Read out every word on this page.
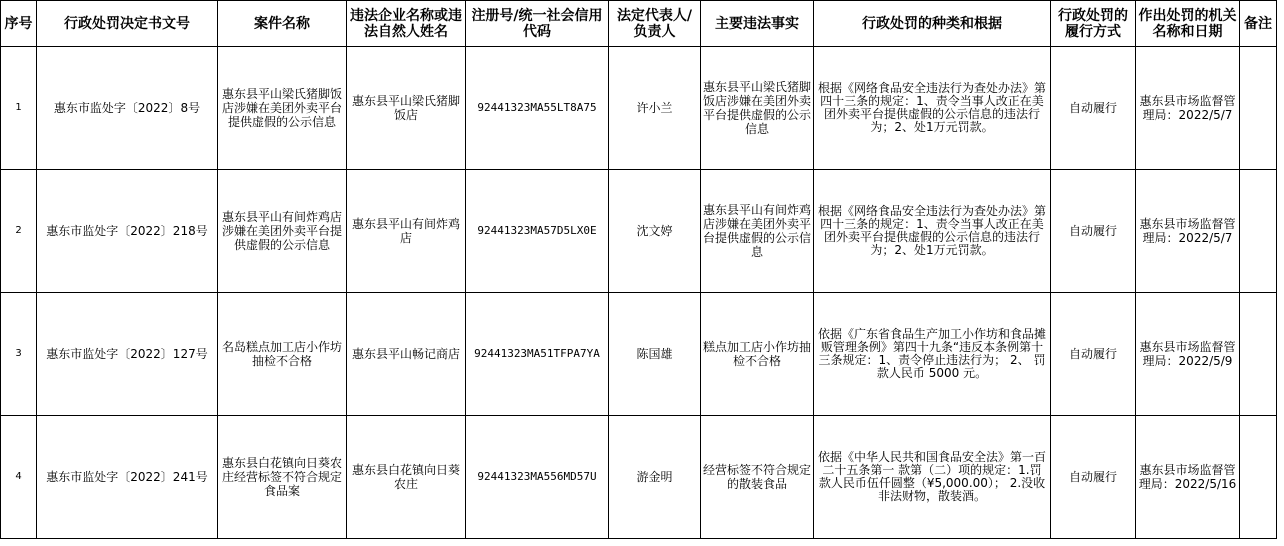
序号	行政处罚决定书文号	案件名称	违法企业名称或违法自然人姓名	注册号/统一社会信用代码	法定代表人/负责人	主要违法事实	行政处罚的种类和根据	行政处罚的履行方式	作出处罚的机关名称和日期	备注
1	惠东市监处字〔2022〕8号	惠东县平山梁氏猪脚饭店涉嫌在美团外卖平台提供虚假的公示信息	惠东县平山梁氏猪脚饭店	92441323MA55LT8A75	许小兰	惠东县平山梁氏猪脚饭店涉嫌在美团外卖平台提供虚假的公示信息	根据《网络食品安全违法行为查处办法》第四十三条的规定：1、责令当事人改正在美团外卖平台提供虚假的公示信息的违法行为；2、处1万元罚款。	自动履行	惠东县市场监督管理局：2022/5/7	
2	惠东市监处字〔2022〕218号	惠东县平山有间炸鸡店涉嫌在美团外卖平台提供虚假的公示信息	惠东县平山有间炸鸡店	92441323MA57D5LX0E	沈文婷	惠东县平山有间炸鸡店涉嫌在美团外卖平台提供虚假的公示信息	根据《网络食品安全违法行为查处办法》第四十三条的规定：1、责令当事人改正在美团外卖平台提供虚假的公示信息的违法行为；2、处1万元罚款。	自动履行	惠东县市场监督管理局：2022/5/7	
3	惠东市监处字〔2022〕127号	名岛糕点加工店小作坊抽检不合格	惠东县平山畅记商店	92441323MA51TFPA7YA	陈国雄	糕点加工店小作坊抽检不合格	依据《广东省食品生产加工小作坊和食品摊贩管理条例》第四十九条“违反本条例第十三条规定：1、责令停止违法行为； 2、 罚款人民币 5000 元。	自动履行	惠东县市场监督管理局：2022/5/9	
4	惠东市监处字〔2022〕241号	惠东县白花镇向日葵农庄经营标签不符合规定食品案	惠东县白花镇向日葵农庄	92441323MA556MD57U	游金明	经营标签不符合规定的散装食品	依据《中华人民共和国食品安全法》第一百二十五条第一 款第（二）项的规定：1.罚款人民币伍仟圆整（¥5,000.00）； 2.没收非法财物，散装酒。	自动履行	惠东县市场监督管理局：2022/5/16	
